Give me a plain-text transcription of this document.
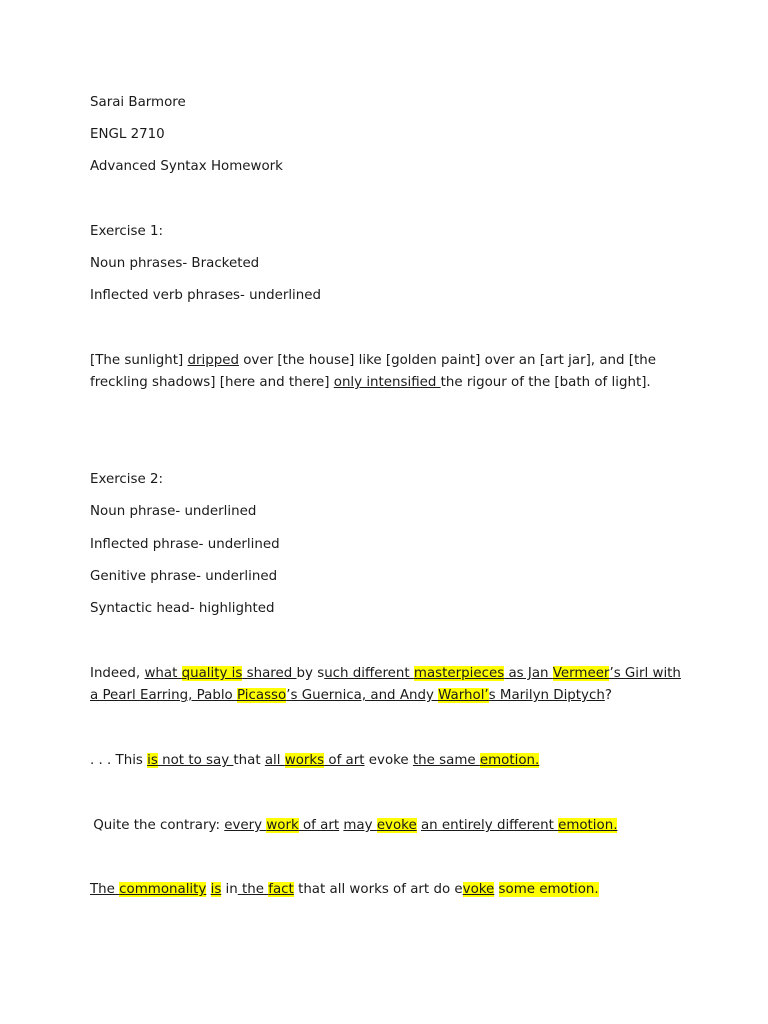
Sarai Barmore
ENGL 2710
Advanced Syntax Homework
Exercise 1:
Noun phrases- Bracketed
Inflected verb phrases- underlined
[The sunlight] dripped over [the house] like [golden paint] over an [art jar], and [the freckling shadows] [here and there] only intensified the rigour of the [bath of light].
Exercise 2:
Noun phrase- underlined
Inflected phrase- underlined
Genitive phrase- underlined
Syntactic head- highlighted
Indeed, what quality is shared by such different masterpieces as Jan Vermeer’s Girl with a Pearl Earring, Pablo Picasso’s Guernica, and Andy Warhol’s Marilyn Diptych?
. . . This is not to say that all works of art evoke the same emotion.
Quite the contrary: every work of art may evoke an entirely different emotion.
The commonality is in the fact that all works of art do evoke some emotion.
